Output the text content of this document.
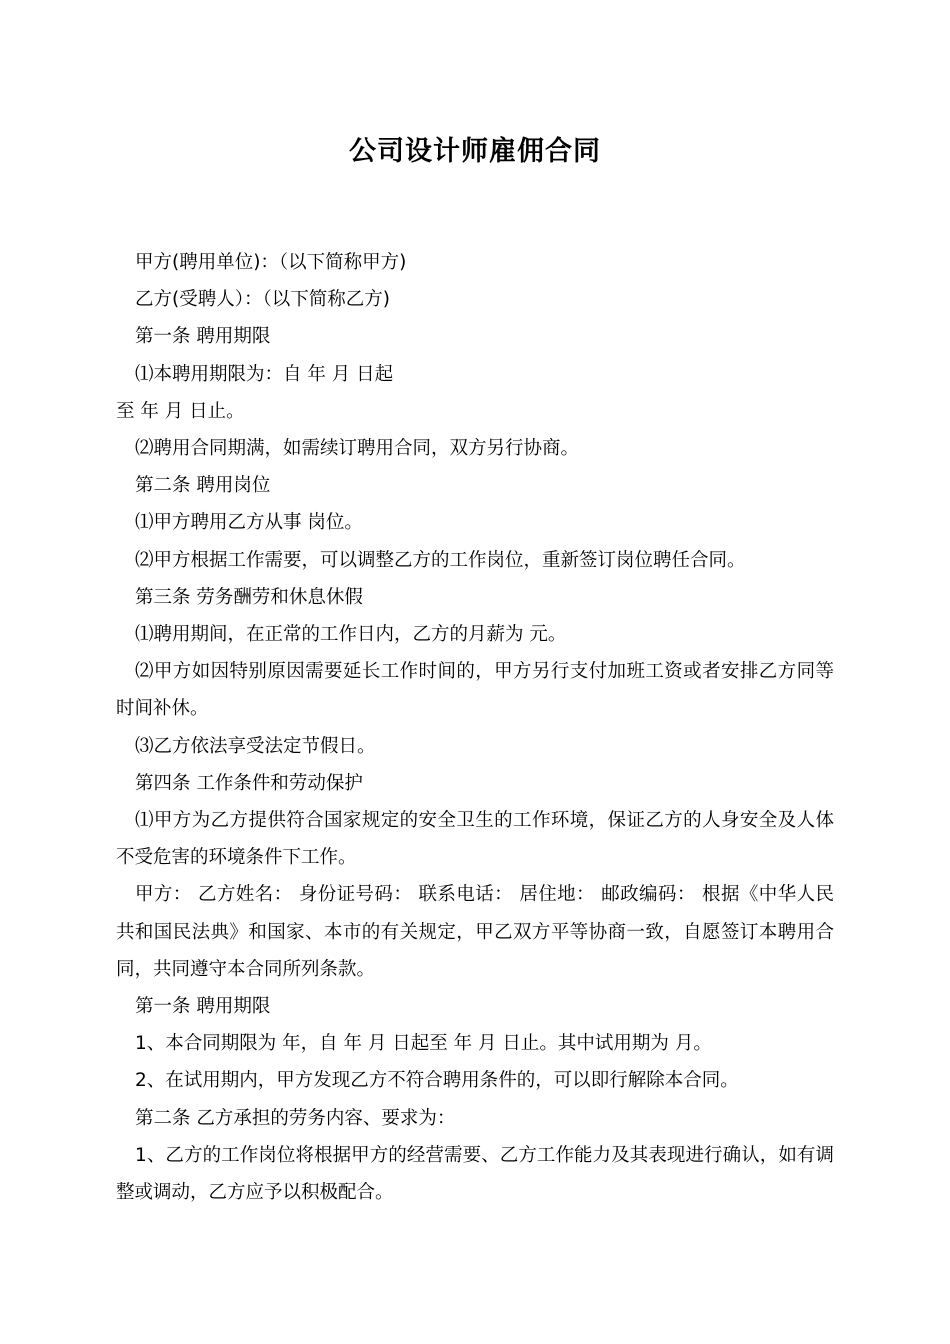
公司设计师雇佣合同

甲方(聘用单位)：（以下简称甲方)

乙方(受聘人）：（以下简称乙方)

第一条 聘用期限

⑴本聘用期限为：自 年 月 日起

至 年 月 日止。

⑵聘用合同期满，如需续订聘用合同，双方另行协商。

第二条 聘用岗位

⑴甲方聘用乙方从事 岗位。

⑵甲方根据工作需要，可以调整乙方的工作岗位，重新签订岗位聘任合同。

第三条 劳务酬劳和休息休假

⑴聘用期间，在正常的工作日内，乙方的月薪为 元。

⑵甲方如因特别原因需要延长工作时间的，甲方另行支付加班工资或者安排乙方同等时间补休。

⑶乙方依法享受法定节假日。

第四条 工作条件和劳动保护

⑴甲方为乙方提供符合国家规定的安全卫生的工作环境，保证乙方的人身安全及人体不受危害的环境条件下工作。

甲方： 乙方姓名： 身份证号码： 联系电话： 居住地： 邮政编码： 根据《中华人民共和国民法典》和国家、本市的有关规定，甲乙双方平等协商一致，自愿签订本聘用合同，共同遵守本合同所列条款。

第一条 聘用期限

1、本合同期限为 年，自 年 月 日起至 年 月 日止。其中试用期为 月。

2、在试用期内，甲方发现乙方不符合聘用条件的，可以即行解除本合同。

第二条 乙方承担的劳务内容、要求为：

1、乙方的工作岗位将根据甲方的经营需要、乙方工作能力及其表现进行确认，如有调整或调动，乙方应予以积极配合。
